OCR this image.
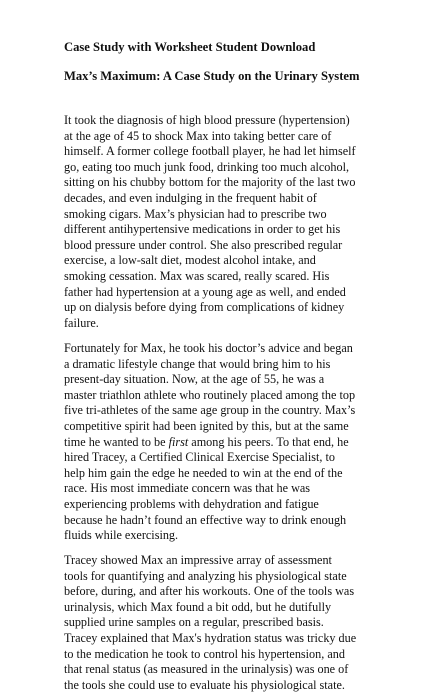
Case Study with Worksheet Student Download
Max’s Maximum: A Case Study on the Urinary System

It took the diagnosis of high blood pressure (hypertension)
at the age of 45 to shock Max into taking better care of
himself. A former college football player, he had let himself
go, eating too much junk food, drinking too much alcohol,
sitting on his chubby bottom for the majority of the last two
decades, and even indulging in the frequent habit of
smoking cigars. Max’s physician had to prescribe two
different antihypertensive medications in order to get his
blood pressure under control. She also prescribed regular
exercise, a low-salt diet, modest alcohol intake, and
smoking cessation. Max was scared, really scared. His
father had hypertension at a young age as well, and ended
up on dialysis before dying from complications of kidney
failure.

Fortunately for Max, he took his doctor’s advice and began
a dramatic lifestyle change that would bring him to his
present-day situation. Now, at the age of 55, he was a
master triathlon athlete who routinely placed among the top
five tri-athletes of the same age group in the country. Max’s
competitive spirit had been ignited by this, but at the same
time he wanted to be first among his peers. To that end, he
hired Tracey, a Certified Clinical Exercise Specialist, to
help him gain the edge he needed to win at the end of the
race. His most immediate concern was that he was
experiencing problems with dehydration and fatigue
because he hadn’t found an effective way to drink enough
fluids while exercising.

Tracey showed Max an impressive array of assessment
tools for quantifying and analyzing his physiological state
before, during, and after his workouts. One of the tools was
urinalysis, which Max found a bit odd, but he dutifully
supplied urine samples on a regular, prescribed basis.
Tracey explained that Max's hydration status was tricky due
to the medication he took to control his hypertension, and
that renal status (as measured in the urinalysis) was one of
the tools she could use to evaluate his physiological state.
